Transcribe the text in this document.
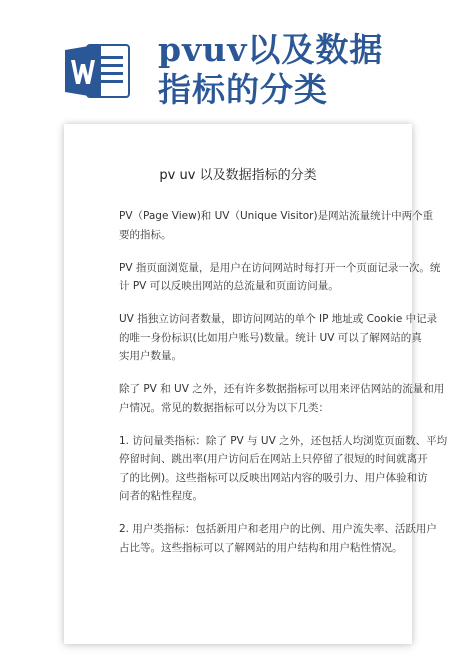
pvuv以及数据
指标的分类
pv uv 以及数据指标的分类

PV（Page View)和 UV（Unique Visitor)是网站流量统计中两个重
要的指标。

PV 指页面浏览量，是用户在访问网站时每打开一个页面记录一次。统
计 PV 可以反映出网站的总流量和页面访问量。

UV 指独立访问者数量，即访问网站的单个 IP 地址或 Cookie 中记录
的唯一身份标识(比如用户账号)数量。统计 UV 可以了解网站的真
实用户数量。

除了 PV 和 UV 之外，还有许多数据指标可以用来评估网站的流量和用
户情况。常见的数据指标可以分为以下几类：

1. 访问量类指标：除了 PV 与 UV 之外，还包括人均浏览页面数、平均
停留时间、跳出率(用户访问后在网站上只停留了很短的时间就离开
了的比例)。这些指标可以反映出网站内容的吸引力、用户体验和访
问者的粘性程度。

2. 用户类指标：包括新用户和老用户的比例、用户流失率、活跃用户
占比等。这些指标可以了解网站的用户结构和用户粘性情况。
